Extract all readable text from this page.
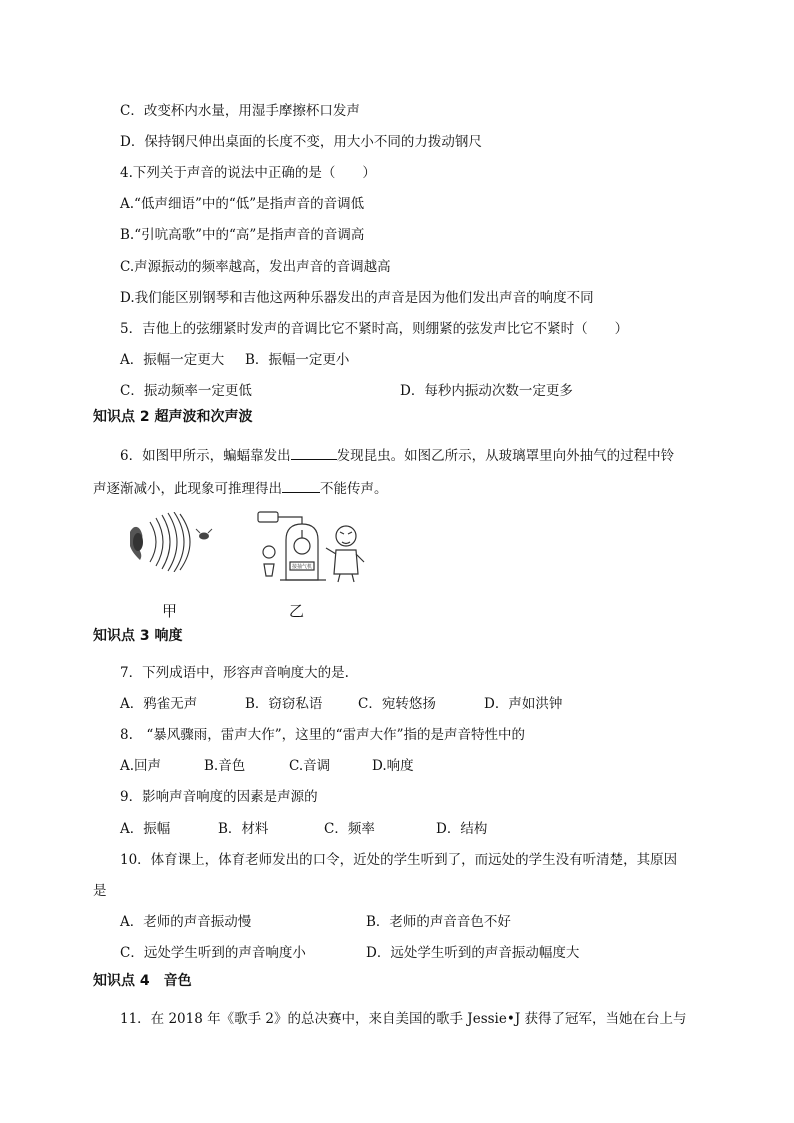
C．改变杯内水量，用湿手摩擦杯口发声
D．保持钢尺伸出桌面的长度不变，用大小不同的力拨动钢尺
4.下列关于声音的说法中正确的是（　　）
A.“低声细语”中的“低”是指声音的音调低
B.“引吭高歌”中的“高”是指声音的音调高
C.声源振动的频率越高，发出声音的音调越高
D.我们能区别钢琴和吉他这两种乐器发出的声音是因为他们发出声音的响度不同
5．吉他上的弦绷紧时发声的音调比它不紧时高，则绷紧的弦发声比它不紧时（　　）
A．振幅一定更大 B．振幅一定更小
C．振动频率一定更低	D．每秒内振动次数一定更多
知识点 2 超声波和次声波
6．如图甲所示，蝙蝠靠发出	发现昆虫。如图乙所示，从玻璃罩里向外抽气的过程中铃
声逐渐减小，此现象可推理得出	不能传声。
接抽气机
甲	乙
知识点 3 响度
7．下列成语中，形容声音响度大的是.
A．鸦雀无声	B．窃窃私语	C．宛转悠扬	D．声如洪钟
8.　“暴风骤雨，雷声大作”，这里的“雷声大作”指的是声音特性中的
A.回声	B.音色	C.音调	D.响度
9．影响声音响度的因素是声源的
A．振幅	B．材料	C．频率	D．结构
10．体育课上，体育老师发出的口令，近处的学生听到了，而远处的学生没有听清楚，其原因
是
A．老师的声音振动慢	B．老师的声音音色不好
C．远处学生听到的声音响度小	D．远处学生听到的声音振动幅度大
知识点 4　音色
11．在 2018 年《歌手 2》的总决赛中，来自美国的歌手 Jessie•J 获得了冠军，当她在台上与
